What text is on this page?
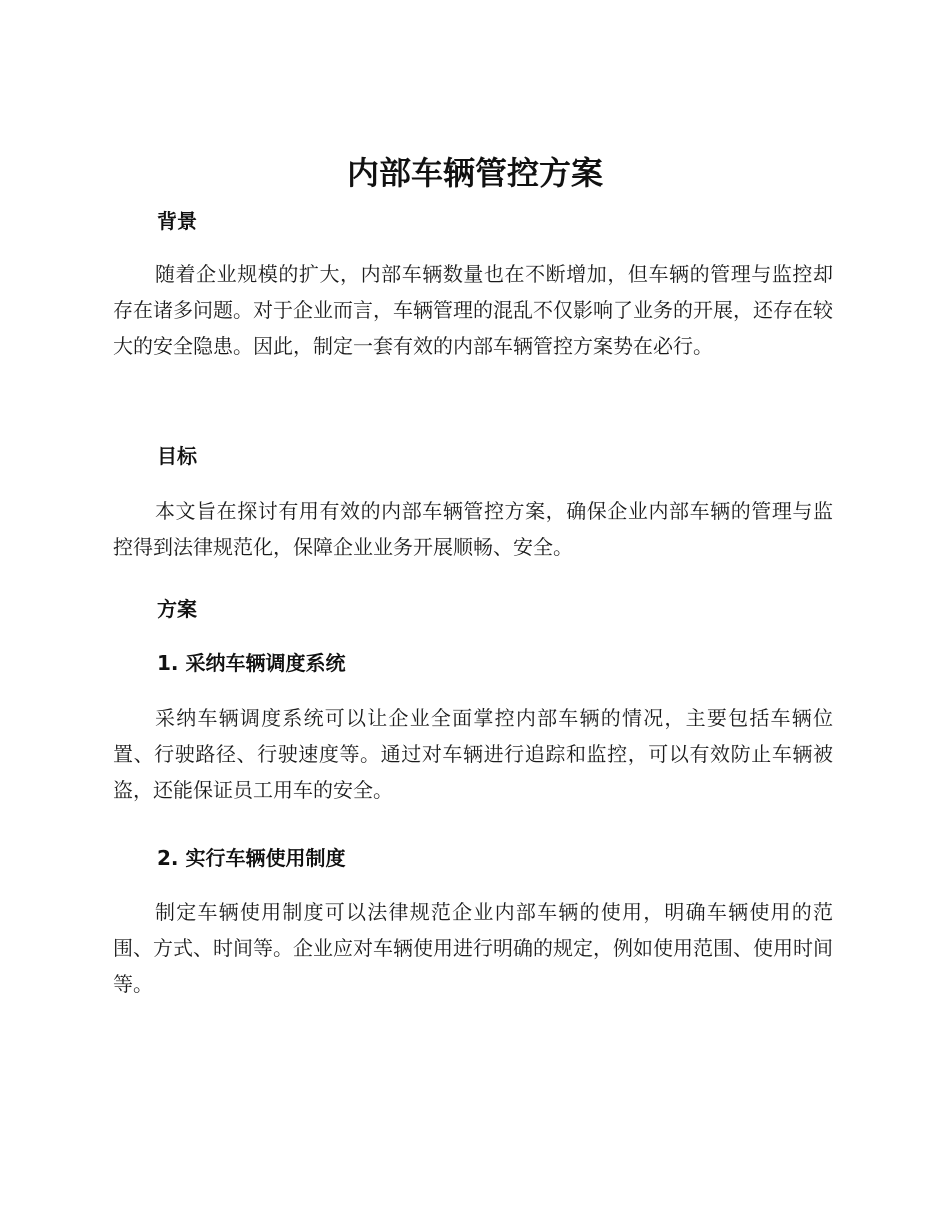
内部车辆管控方案
背景

随着企业规模的扩大，内部车辆数量也在不断增加，但车辆的管理与监控却存在诸多问题。对于企业而言，车辆管理的混乱不仅影响了业务的开展，还存在较大的安全隐患。因此，制定一套有效的内部车辆管控方案势在必行。

目标

本文旨在探讨有用有效的内部车辆管控方案，确保企业内部车辆的管理与监控得到法律规范化，保障企业业务开展顺畅、安全。

方案
1. 采纳车辆调度系统

采纳车辆调度系统可以让企业全面掌控内部车辆的情况，主要包括车辆位置、行驶路径、行驶速度等。通过对车辆进行追踪和监控，可以有效防止车辆被盗，还能保证员工用车的安全。

2. 实行车辆使用制度

制定车辆使用制度可以法律规范企业内部车辆的使用，明确车辆使用的范围、方式、时间等。企业应对车辆使用进行明确的规定，例如使用范围、使用时间等。
